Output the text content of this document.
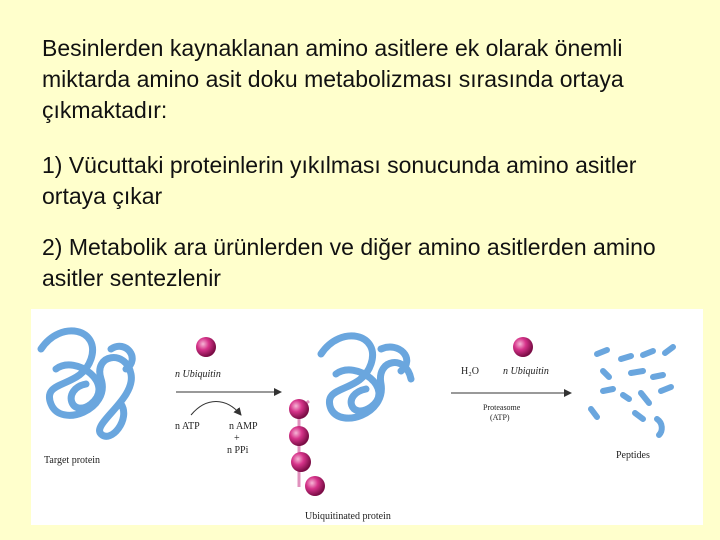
Besinlerden kaynaklanan amino asitlere ek olarak önemli miktarda amino asit doku metabolizması sırasında ortaya çıkmaktadır:
1) Vücuttaki proteinlerin yıkılması sonucunda amino asitler ortaya çıkar
2) Metabolik ara ürünlerden ve diğer amino asitlerden amino asitler sentezlenir
Target protein
n Ubiquitin
n ATP	n AMP
+
n PPi
Ubiquitinated protein
H₂O n Ubiquitin
Proteasome
(ATP)
Peptides
